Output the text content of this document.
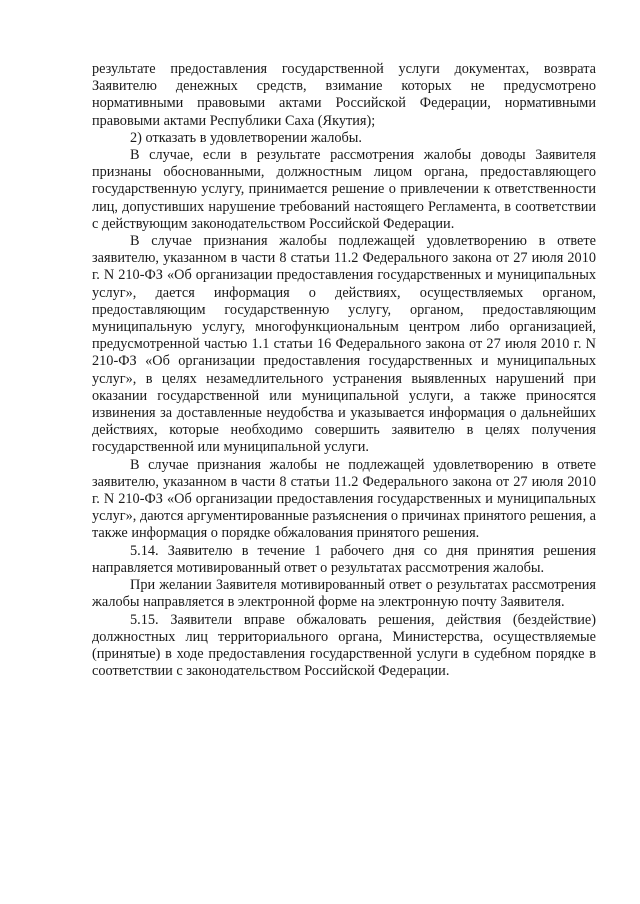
результате предоставления государственной услуги документах, возврата Заявителю денежных средств, взимание которых не предусмотрено нормативными правовыми актами Российской Федерации, нормативными правовыми актами Республики Саха (Якутия);

2) отказать в удовлетворении жалобы.

В случае, если в результате рассмотрения жалобы доводы Заявителя признаны обоснованными, должностным лицом органа, предоставляющего государственную услугу, принимается решение о привлечении к ответственности лиц, допустивших нарушение требований настоящего Регламента, в соответствии с действующим законодательством Российской Федерации.

В случае признания жалобы подлежащей удовлетворению в ответе заявителю, указанном в части 8 статьи 11.2 Федерального закона от 27 июля 2010 г. N 210-ФЗ «Об организации предоставления государственных и муниципальных услуг», дается информация о действиях, осуществляемых органом, предоставляющим государственную услугу, органом, предоставляющим муниципальную услугу, многофункциональным центром либо организацией, предусмотренной частью 1.1 статьи 16 Федерального закона от 27 июля 2010 г. N 210-ФЗ «Об организации предоставления государственных и муниципальных услуг», в целях незамедлительного устранения выявленных нарушений при оказании государственной или муниципальной услуги, а также приносятся извинения за доставленные неудобства и указывается информация о дальнейших действиях, которые необходимо совершить заявителю в целях получения государственной или муниципальной услуги.

В случае признания жалобы не подлежащей удовлетворению в ответе заявителю, указанном в части 8 статьи 11.2 Федерального закона от 27 июля 2010 г. N 210-ФЗ «Об организации предоставления государственных и муниципальных услуг», даются аргументированные разъяснения о причинах принятого решения, а также информация о порядке обжалования принятого решения.

5.14. Заявителю в течение 1 рабочего дня со дня принятия решения направляется мотивированный ответ о результатах рассмотрения жалобы.

При желании Заявителя мотивированный ответ о результатах рассмотрения жалобы направляется в электронной форме на электронную почту Заявителя.

5.15. Заявители вправе обжаловать решения, действия (бездействие) должностных лиц территориального органа, Министерства, осуществляемые (принятые) в ходе предоставления государственной услуги в судебном порядке в соответствии с законодательством Российской Федерации.
